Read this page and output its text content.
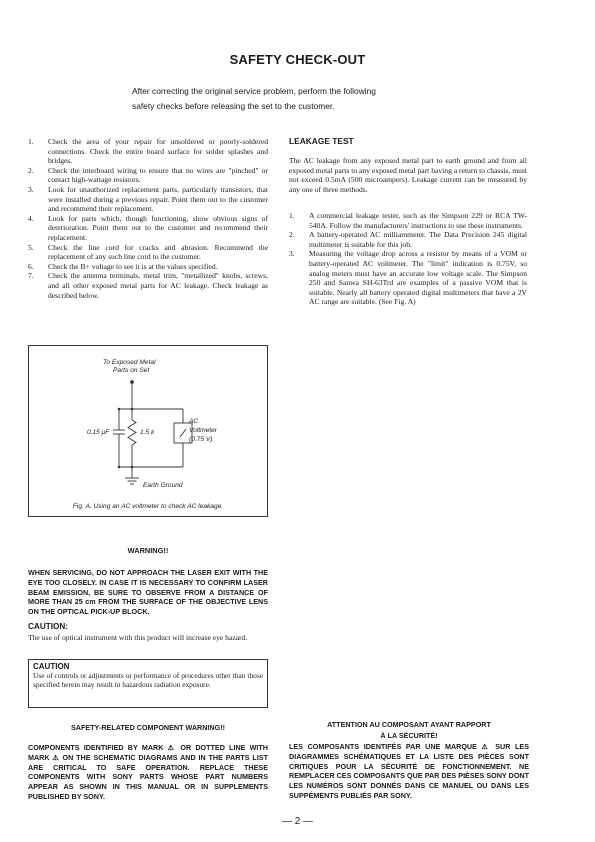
SAFETY CHECK-OUT
After correcting the original service problem, perform the following
safety checks before releasing the set to the customer.
1.	Check the area of your repair for unsoldered or poorly-soldered connections. Check the entire board surface for solder splashes and bridges.
2.	Check the interboard wiring to ensure that no wires are "pinched" or contact high-wattage resistors.
3.	Look for unauthorized replacement parts, particularly transistors, that were installed during a previous repair. Point them out to the customer and recommend their replacement.
4.	Look for parts which, though functioning, show obvious signs of deterioration. Point them out to the customer and recommend their replacement.
5.	Check the line cord for cracks and abrasion. Recommend the replacement of any such line cord to the customer.
6.	Check the B+ voltage to see it is at the values specified.
7.	Check the antenna terminals, metal trim, "metallized" knobs, screws, and all other exposed metal parts for AC leakage. Check leakage as described below.
LEAKAGE TEST
The AC leakage from any exposed metal part to earth ground and from all exposed metal parts to any exposed metal part having a return to chassis, must not exceed 0.5mA (500 microampers). Leakage current can be measured by any one of three methods.
1.	A commercial leakage tester, such as the Simpson 229 or RCA TW-540A. Follow the manufacturers' instructions to use these instruments.
2.	A battery-operated AC milliammeter. The Data Precision 245 digital multimeter is suitable for this job.
3.	Measuring the voltage drop across a resistor by means of a VOM or battery-operated AC voltmeter. The "limit" indication is 0.75V, so analog meters must have an accurate low voltage scale. The Simpson 250 and Sanwa SH-63Trd are examples of a passive VOM that is suitable. Nearly all battery operated digital multimeters that have a 2V AC range are suitable. (See Fig. A)
To Exposed Metal
Parts on Set
0.15 μF	1.5 k
AC
Voltmeter
(0.75 V)
Earth Ground
Fig. A. Using an AC voltmeter to check AC leakage.
WARNING!!
WHEN SERVICING, DO NOT APPROACH THE LASER EXIT WITH THE EYE TOO CLOSELY. IN CASE IT IS NECESSARY TO CONFIRM LASER BEAM EMISSION, BE SURE TO OBSERVE FROM A DISTANCE OF MORE THAN 25 cm FROM THE SURFACE OF THE OBJECTIVE LENS ON THE OPTICAL PICK-UP BLOCK.
CAUTION:
The use of optical instrument with this product will increase eye hazard.
CAUTION
Use of controls or adjustments or performance of procedures other than those specified herein may result in hazardous radiation exposure.
SAFETY-RELATED COMPONENT WARNING!!
COMPONENTS IDENTIFIED BY MARK ⚠ OR DOTTED LINE WITH MARK ⚠ ON THE SCHEMATIC DIAGRAMS AND IN THE PARTS LIST ARE CRITICAL TO SAFE OPERATION. REPLACE THESE COMPONENTS WITH SONY PARTS WHOSE PART NUMBERS APPEAR AS SHOWN IN THIS MANUAL OR IN SUPPLEMENTS PUBLISHED BY SONY.
ATTENTION AU COMPOSANT AYANT RAPPORT
À LA SÉCURITÉ!
LES COMPOSANTS IDENTIFÉS PAR UNE MARQUE ⚠ SUR LES DIAGRAMMES SCHÉMATIQUES ET LA LISTE DES PIÈCES SONT CRITIQUES POUR LA SÉCURITÉ DE FONCTIONNEMENT. NE REMPLACER CES COMPOSANTS QUE PAR DES PIÈSES SONY DONT LES NUMÉROS SONT DONNÉS DANS CE MANUEL OU DANS LES SUPPÉMENTS PUBLIÉS PAR SONY.
— 2 —
